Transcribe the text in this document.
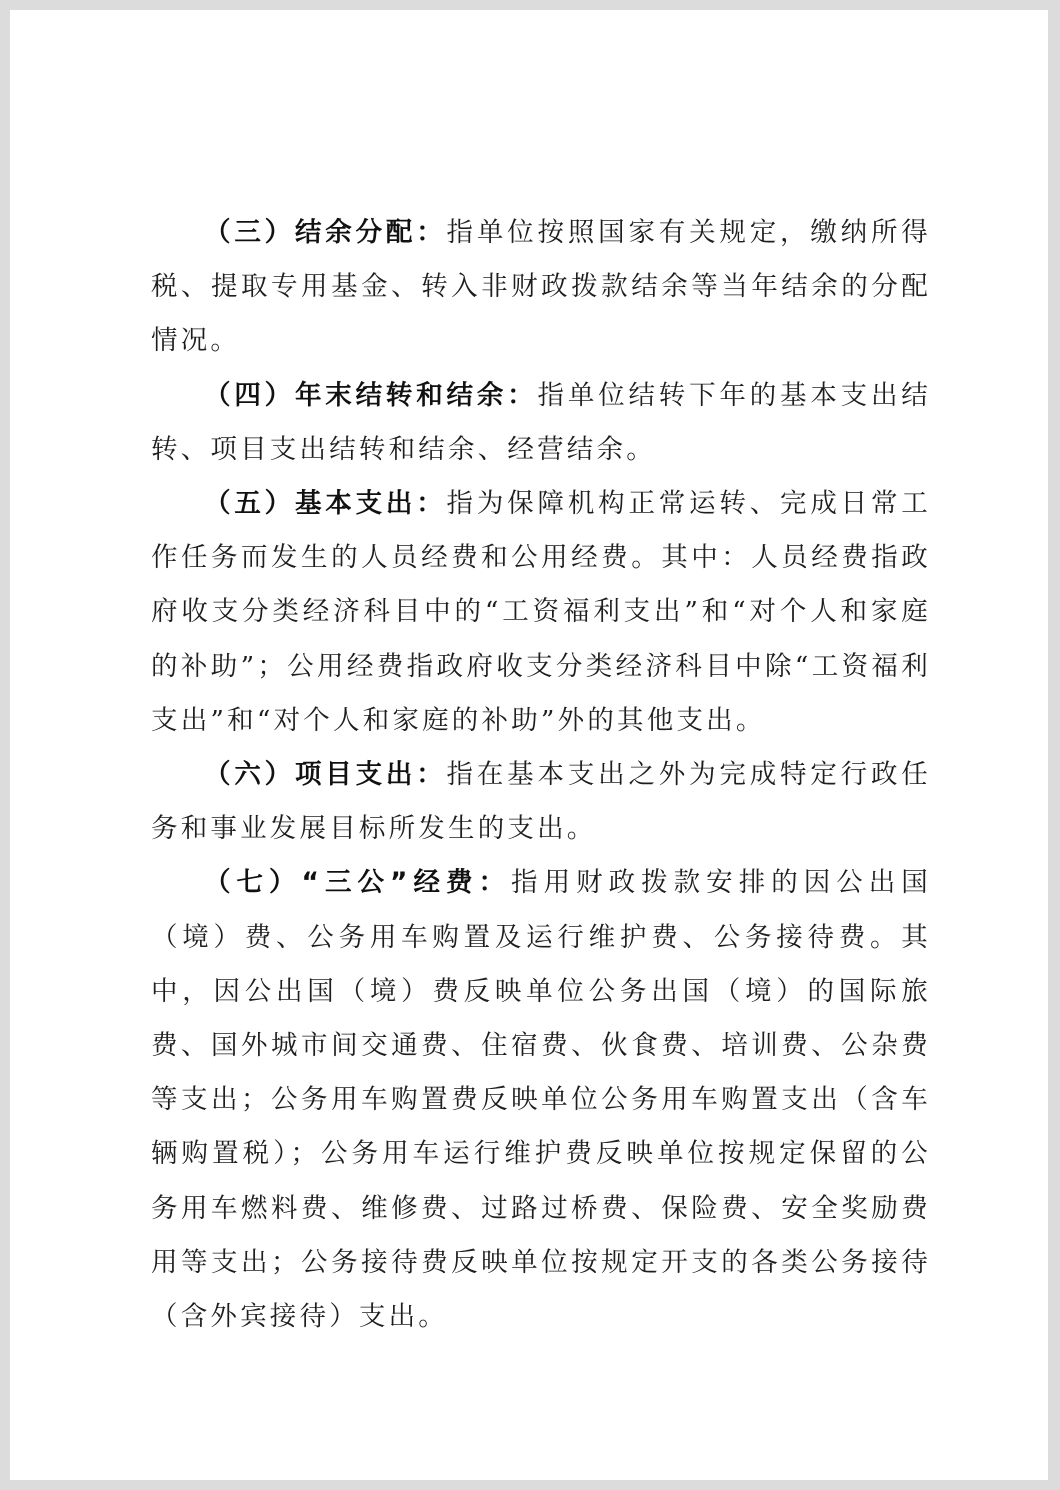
（三）结余分配：指单位按照国家有关规定，缴纳所得税、提取专用基金、转入非财政拨款结余等当年结余的分配情况。

（四）年末结转和结余：指单位结转下年的基本支出结转、项目支出结转和结余、经营结余。

（五）基本支出：指为保障机构正常运转、完成日常工作任务而发生的人员经费和公用经费。其中：人员经费指政府收支分类经济科目中的“工资福利支出”和“对个人和家庭的补助”；公用经费指政府收支分类经济科目中除“工资福利支出”和“对个人和家庭的补助”外的其他支出。

（六）项目支出：指在基本支出之外为完成特定行政任务和事业发展目标所发生的支出。

（七）“三公”经费：指用财政拨款安排的因公出国（境）费、公务用车购置及运行维护费、公务接待费。其中，因公出国（境）费反映单位公务出国（境）的国际旅费、国外城市间交通费、住宿费、伙食费、培训费、公杂费等支出；公务用车购置费反映单位公务用车购置支出（含车辆购置税）；公务用车运行维护费反映单位按规定保留的公务用车燃料费、维修费、过路过桥费、保险费、安全奖励费用等支出；公务接待费反映单位按规定开支的各类公务接待（含外宾接待）支出。
